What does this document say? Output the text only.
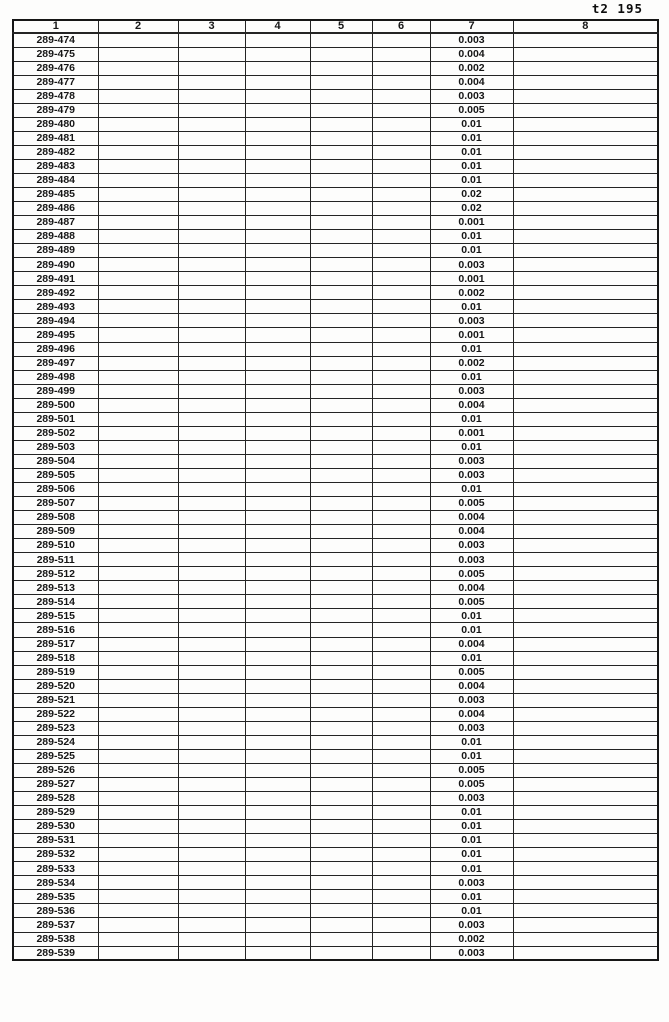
t2 195
1	2	3	4	5	6	7	8
289-474						0.003	
289-475						0.004	
289-476						0.002	
289-477						0.004	
289-478						0.003	
289-479						0.005	
289-480						0.01	
289-481						0.01	
289-482						0.01	
289-483						0.01	
289-484						0.01	
289-485						0.02	
289-486						0.02	
289-487						0.001	
289-488						0.01	
289-489						0.01	
289-490						0.003	
289-491						0.001	
289-492						0.002	
289-493						0.01	
289-494						0.003	
289-495						0.001	
289-496						0.01	
289-497						0.002	
289-498						0.01	
289-499						0.003	
289-500						0.004	
289-501						0.01	
289-502						0.001	
289-503						0.01	
289-504						0.003	
289-505						0.003	
289-506						0.01	
289-507						0.005	
289-508						0.004	
289-509						0.004	
289-510						0.003	
289-511						0.003	
289-512						0.005	
289-513						0.004	
289-514						0.005	
289-515						0.01	
289-516						0.01	
289-517						0.004	
289-518						0.01	
289-519						0.005	
289-520						0.004	
289-521						0.003	
289-522						0.004	
289-523						0.003	
289-524						0.01	
289-525						0.01	
289-526						0.005	
289-527						0.005	
289-528						0.003	
289-529						0.01	
289-530						0.01	
289-531						0.01	
289-532						0.01	
289-533						0.01	
289-534						0.003	
289-535						0.01	
289-536						0.01	
289-537						0.003	
289-538						0.002	
289-539						0.003	
